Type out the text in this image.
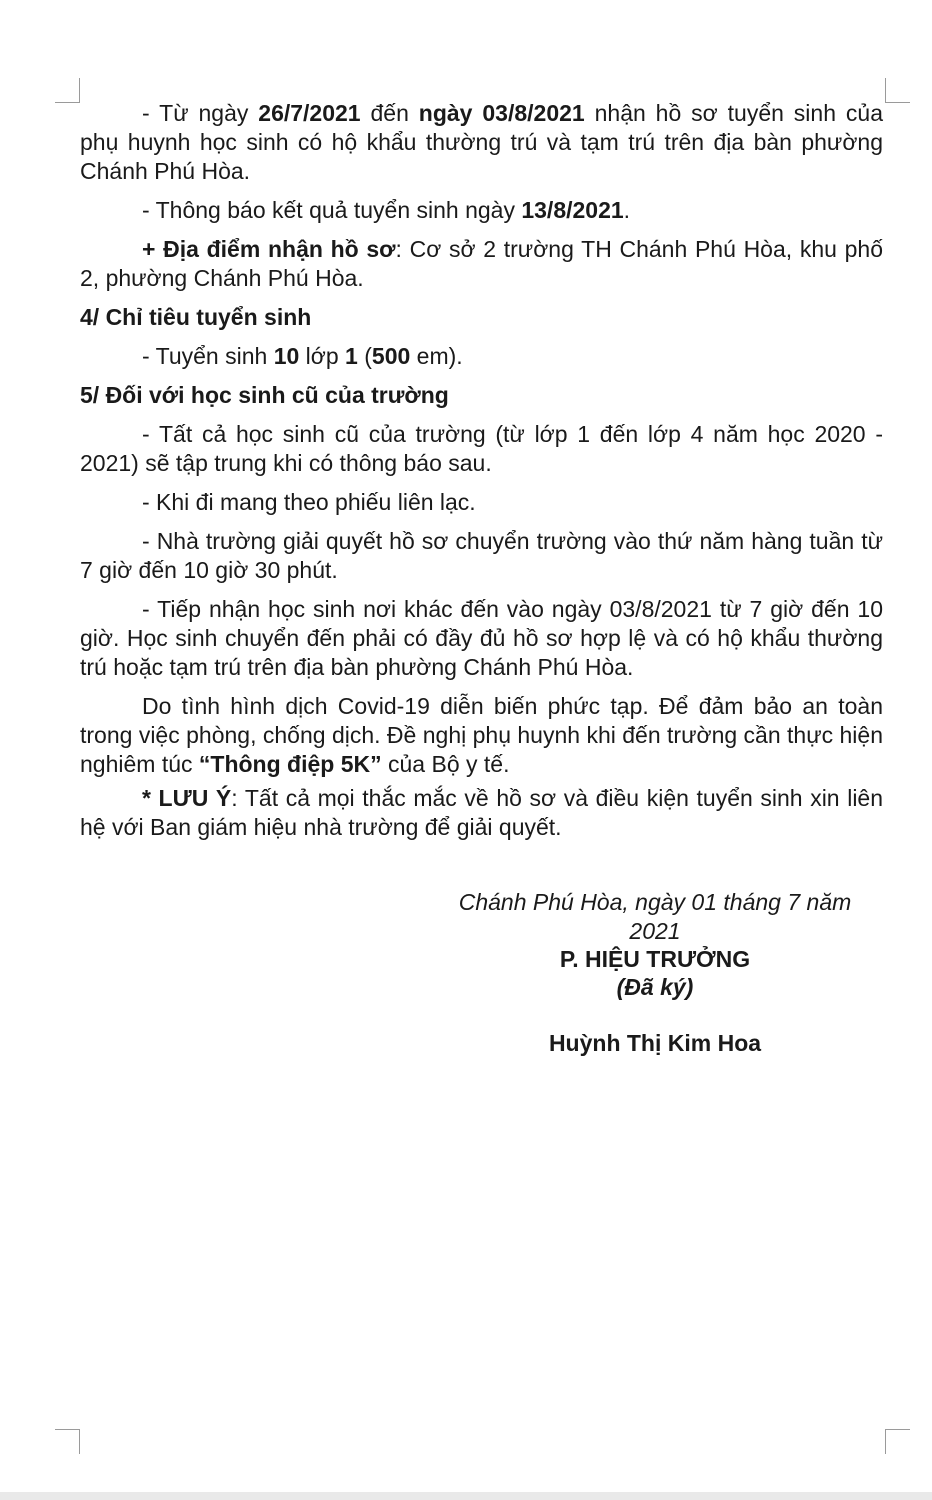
- Từ ngày 26/7/2021 đến ngày 03/8/2021 nhận hồ sơ tuyển sinh của phụ huynh học sinh có hộ khẩu thường trú và tạm trú trên địa bàn phường Chánh Phú Hòa.

- Thông báo kết quả tuyển sinh ngày 13/8/2021.

+ Địa điểm nhận hồ sơ: Cơ sở 2 trường TH Chánh Phú Hòa, khu phố 2, phường Chánh Phú Hòa.

4/ Chỉ tiêu tuyển sinh

- Tuyển sinh 10 lớp 1 (500 em).

5/ Đối với học sinh cũ của trường

- Tất cả học sinh cũ của trường (từ lớp 1 đến lớp 4 năm học 2020 - 2021) sẽ tập trung khi có thông báo sau.

- Khi đi mang theo phiếu liên lạc.

- Nhà trường giải quyết hồ sơ chuyển trường vào thứ năm hàng tuần từ 7 giờ đến 10 giờ 30 phút.

- Tiếp nhận học sinh nơi khác đến vào ngày 03/8/2021 từ 7 giờ đến 10 giờ. Học sinh chuyển đến phải có đầy đủ hồ sơ hợp lệ và có hộ khẩu thường trú hoặc tạm trú trên địa bàn phường Chánh Phú Hòa.

Do tình hình dịch Covid-19 diễn biến phức tạp. Để đảm bảo an toàn trong việc phòng, chống dịch. Đề nghị phụ huynh khi đến trường cần thực hiện nghiêm túc “Thông điệp 5K” của Bộ y tế.

* LƯU Ý: Tất cả mọi thắc mắc về hồ sơ và điều kiện tuyển sinh xin liên hệ với Ban giám hiệu nhà trường để giải quyết.

Chánh Phú Hòa, ngày 01 tháng 7 năm 2021
P. HIỆU TRƯỞNG
(Đã ký)
Huỳnh Thị Kim Hoa
